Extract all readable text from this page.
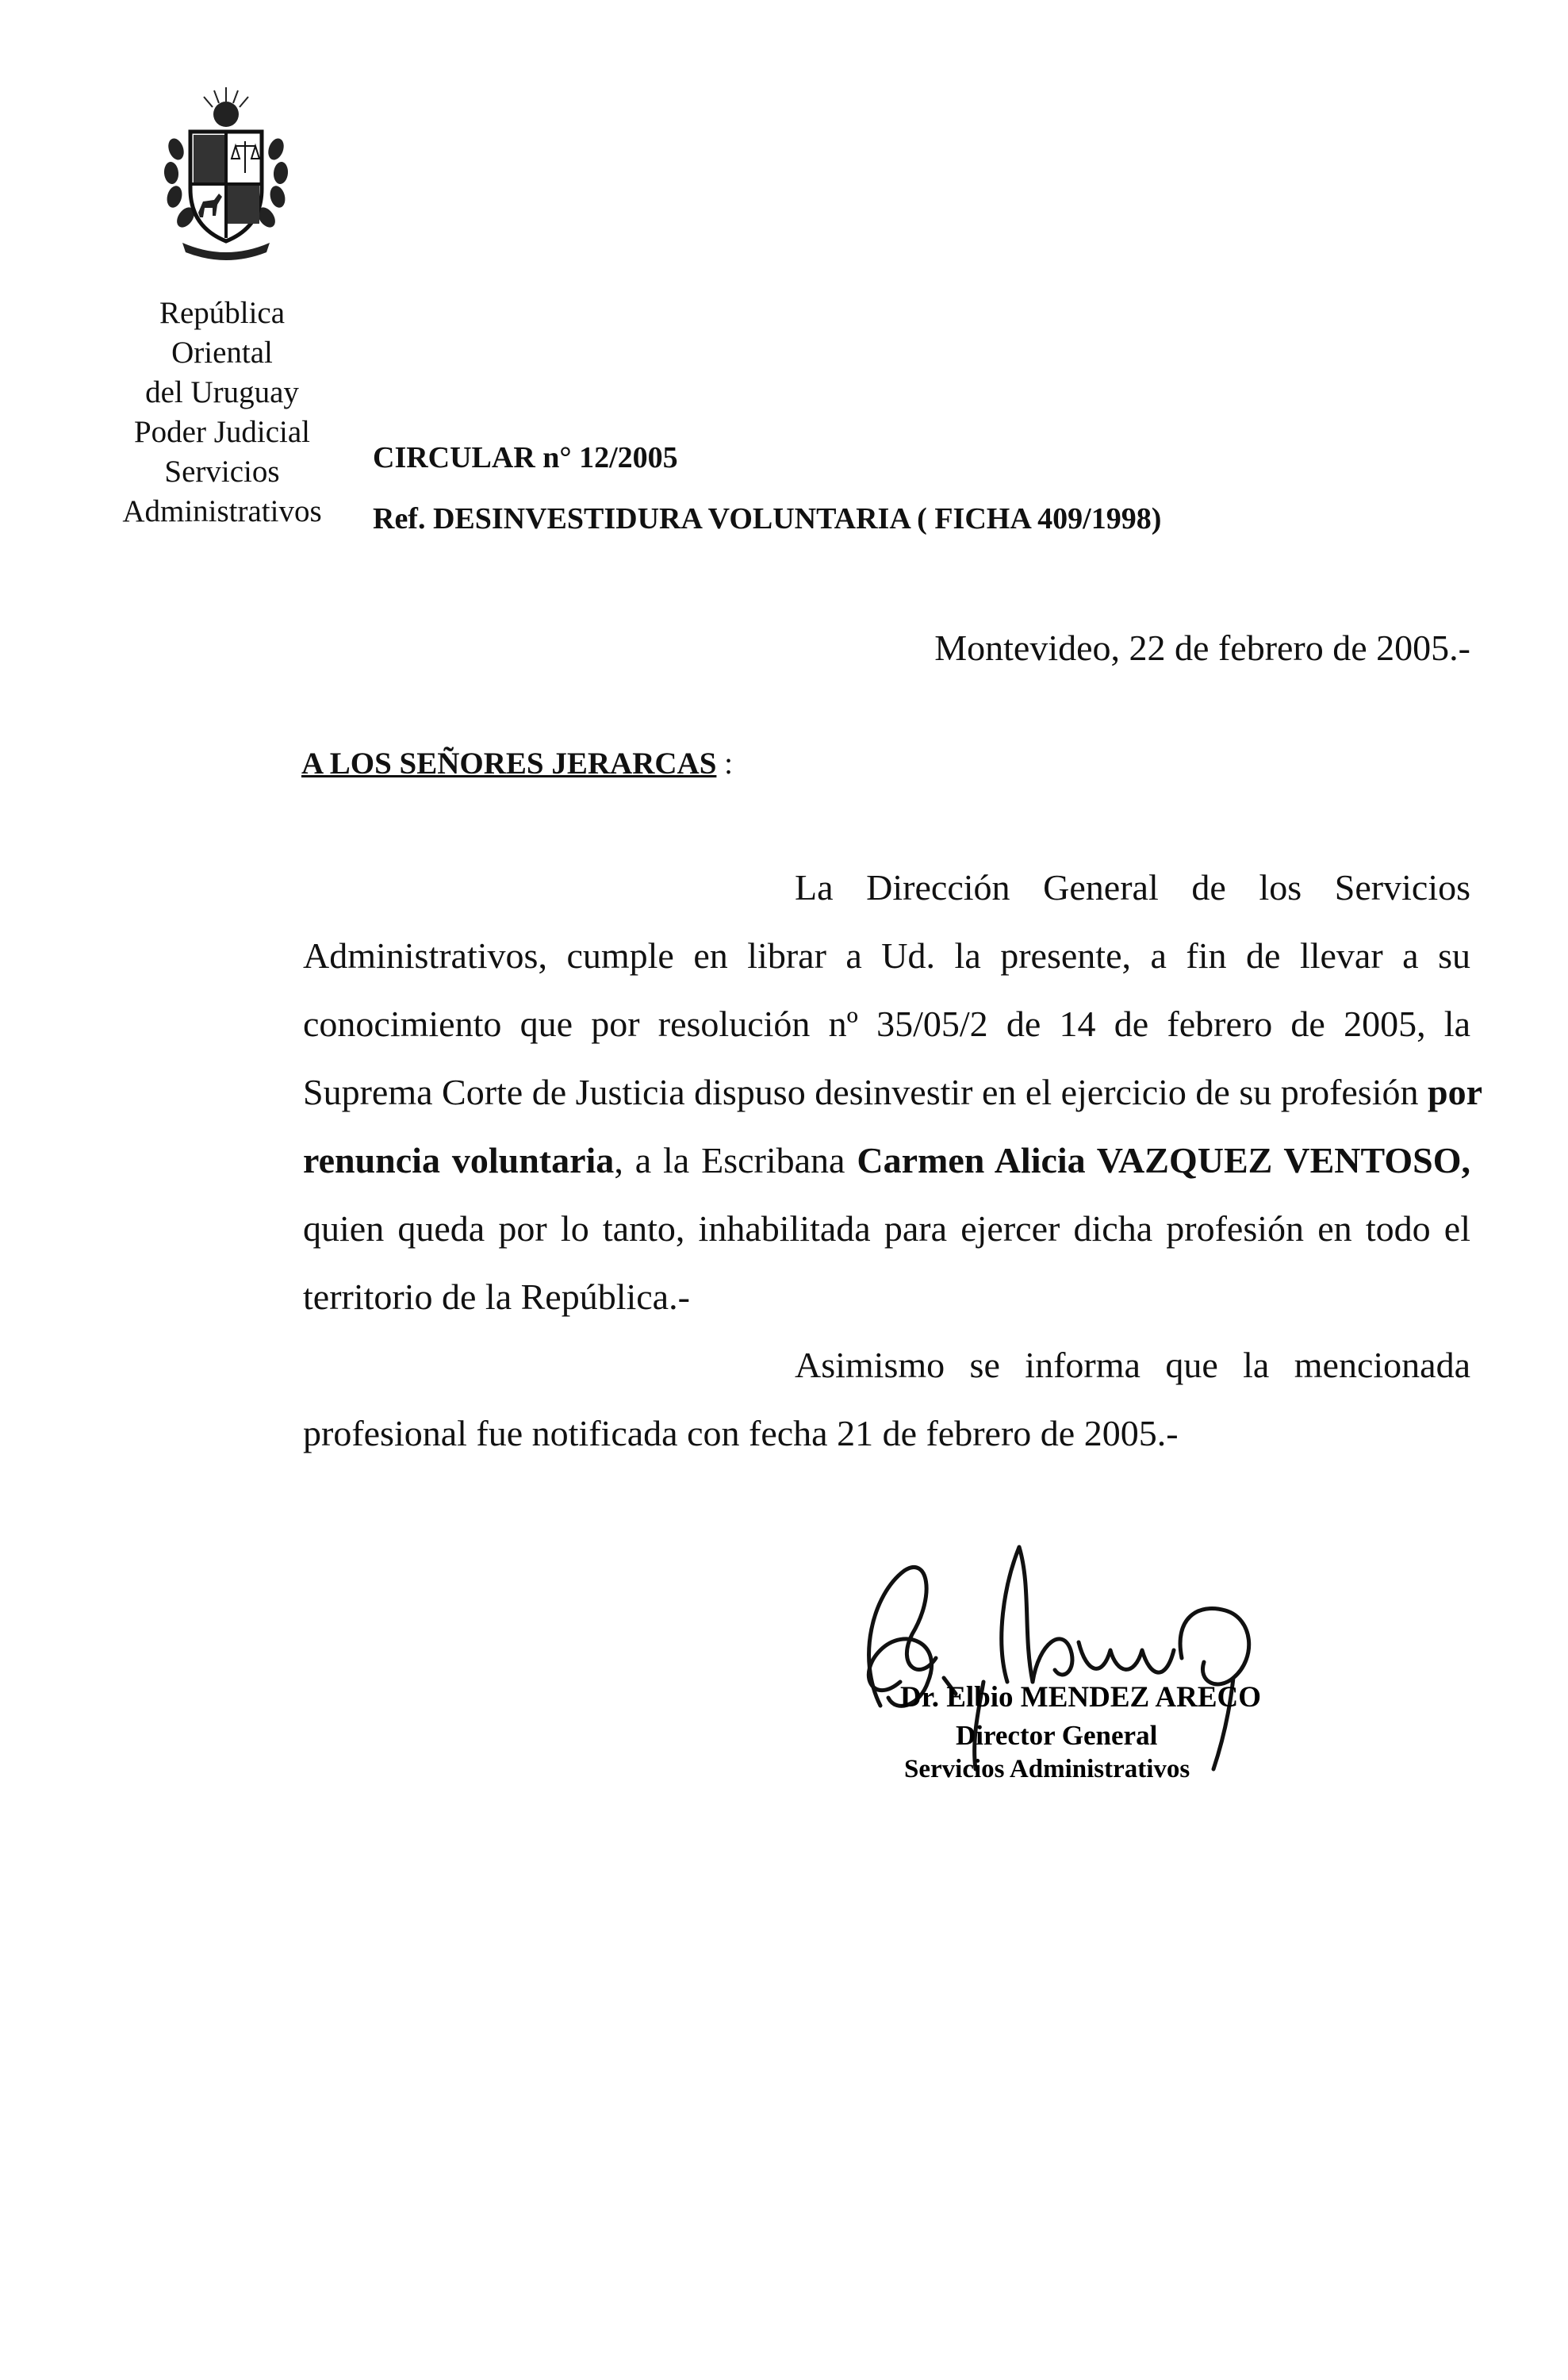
República
Oriental
del Uruguay
Poder Judicial
Servicios
Administrativos
CIRCULAR n° 12/2005
Ref. DESINVESTIDURA VOLUNTARIA ( FICHA 409/1998)
Montevideo, 22 de febrero de 2005.-
A LOS SEÑORES JERARCAS :
La Dirección General de los Servicios
Administrativos, cumple en librar a Ud. la presente, a fin de llevar a su
conocimiento que por resolución nº 35/05/2 de 14 de febrero de 2005, la
Suprema Corte de Justicia dispuso desinvestir en el ejercicio de su profesión por
renuncia voluntaria, a la Escribana Carmen Alicia VAZQUEZ VENTOSO,
quien queda por lo tanto, inhabilitada para ejercer dicha profesión en todo el
territorio de la República.-
Asimismo se informa que la mencionada
profesional fue notificada con fecha 21 de febrero de 2005.-
Dr. Elbio MENDEZ ARECO
Director General
Servicios Administrativos
